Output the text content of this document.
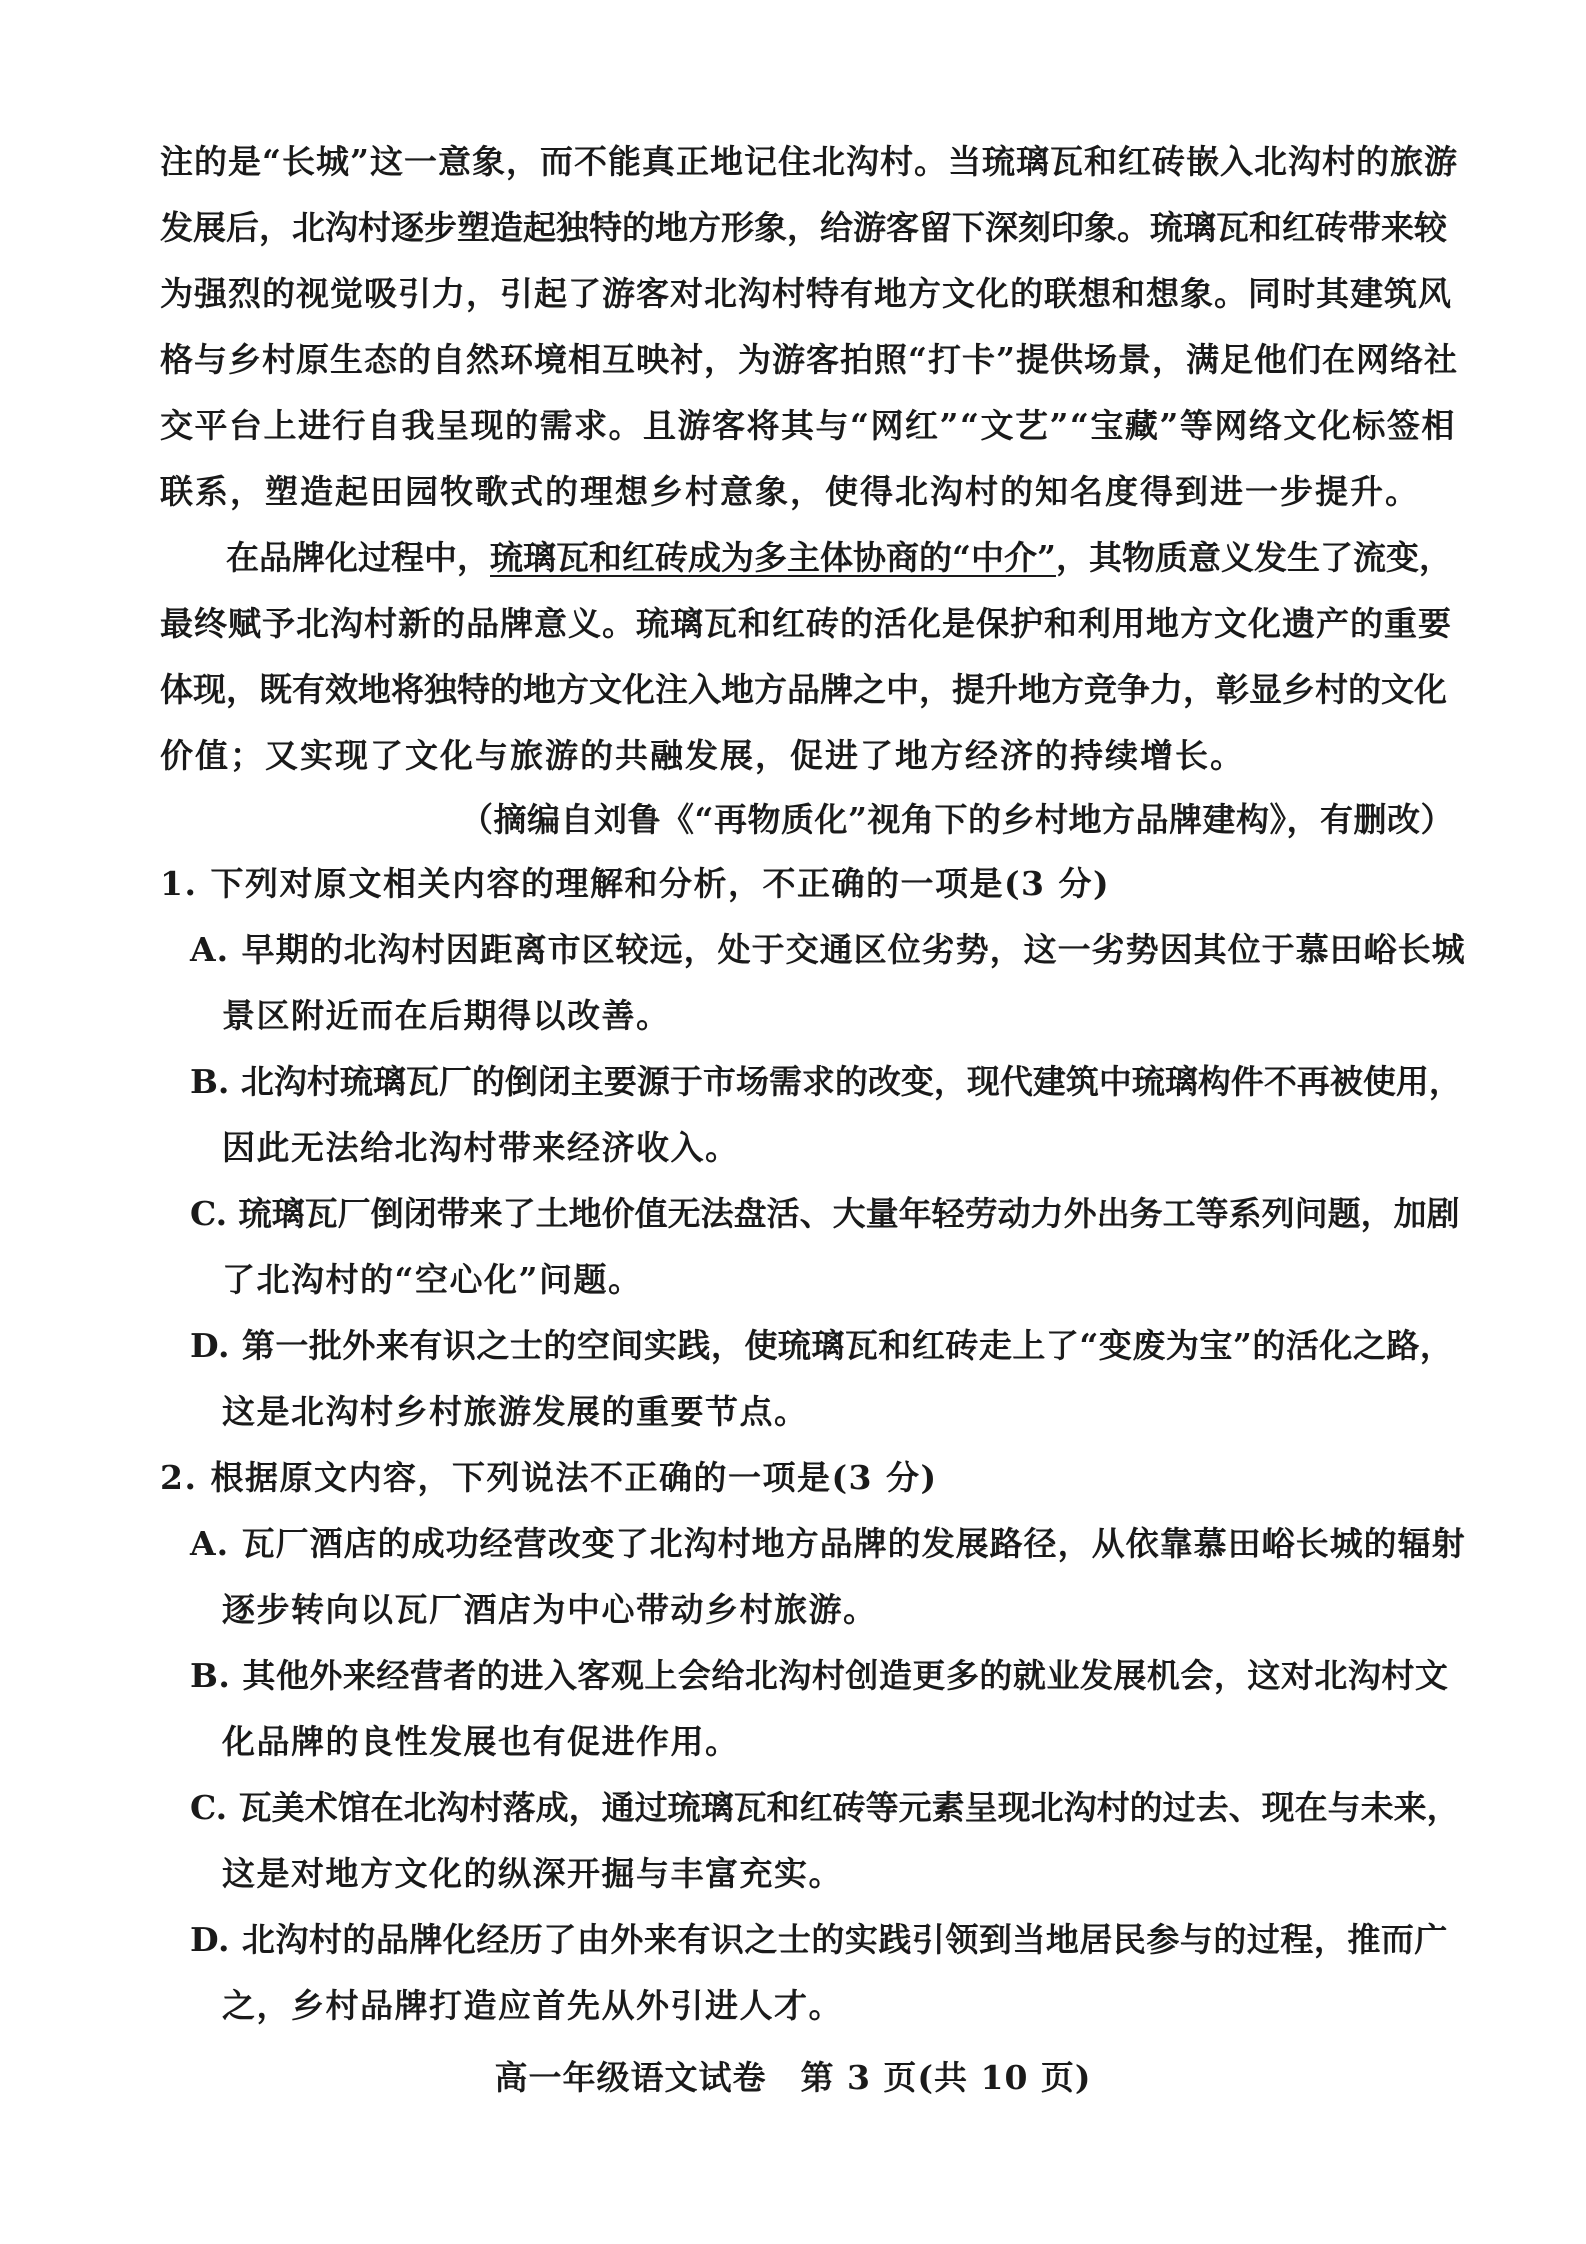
注的是“长城”这一意象，而不能真正地记住北沟村。当琉璃瓦和红砖嵌入北沟村的旅游
发展后，北沟村逐步塑造起独特的地方形象，给游客留下深刻印象。琉璃瓦和红砖带来较
为强烈的视觉吸引力，引起了游客对北沟村特有地方文化的联想和想象。同时其建筑风
格与乡村原生态的自然环境相互映衬，为游客拍照“打卡”提供场景，满足他们在网络社
交平台上进行自我呈现的需求。且游客将其与“网红”“文艺”“宝藏”等网络文化标签相
联系，塑造起田园牧歌式的理想乡村意象，使得北沟村的知名度得到进一步提升。
在品牌化过程中，琉璃瓦和红砖成为多主体协商的“中介”，其物质意义发生了流变，
最终赋予北沟村新的品牌意义。琉璃瓦和红砖的活化是保护和利用地方文化遗产的重要
体现，既有效地将独特的地方文化注入地方品牌之中，提升地方竞争力，彰显乡村的文化
价值；又实现了文化与旅游的共融发展，促进了地方经济的持续增长。
（摘编自刘鲁《“再物质化”视角下的乡村地方品牌建构》，有删改）
1. 下列对原文相关内容的理解和分析，不正确的一项是(3 分)
A. 早期的北沟村因距离市区较远，处于交通区位劣势，这一劣势因其位于慕田峪长城
景区附近而在后期得以改善。
B. 北沟村琉璃瓦厂的倒闭主要源于市场需求的改变，现代建筑中琉璃构件不再被使用，
因此无法给北沟村带来经济收入。
C. 琉璃瓦厂倒闭带来了土地价值无法盘活、大量年轻劳动力外出务工等系列问题，加剧
了北沟村的“空心化”问题。
D. 第一批外来有识之士的空间实践，使琉璃瓦和红砖走上了“变废为宝”的活化之路，
这是北沟村乡村旅游发展的重要节点。
2. 根据原文内容，下列说法不正确的一项是(3 分)
A. 瓦厂酒店的成功经营改变了北沟村地方品牌的发展路径，从依靠慕田峪长城的辐射
逐步转向以瓦厂酒店为中心带动乡村旅游。
B. 其他外来经营者的进入客观上会给北沟村创造更多的就业发展机会，这对北沟村文
化品牌的良性发展也有促进作用。
C. 瓦美术馆在北沟村落成，通过琉璃瓦和红砖等元素呈现北沟村的过去、现在与未来，
这是对地方文化的纵深开掘与丰富充实。
D. 北沟村的品牌化经历了由外来有识之士的实践引领到当地居民参与的过程，推而广
之，乡村品牌打造应首先从外引进人才。
高一年级语文试卷　第 3 页(共 10 页)
